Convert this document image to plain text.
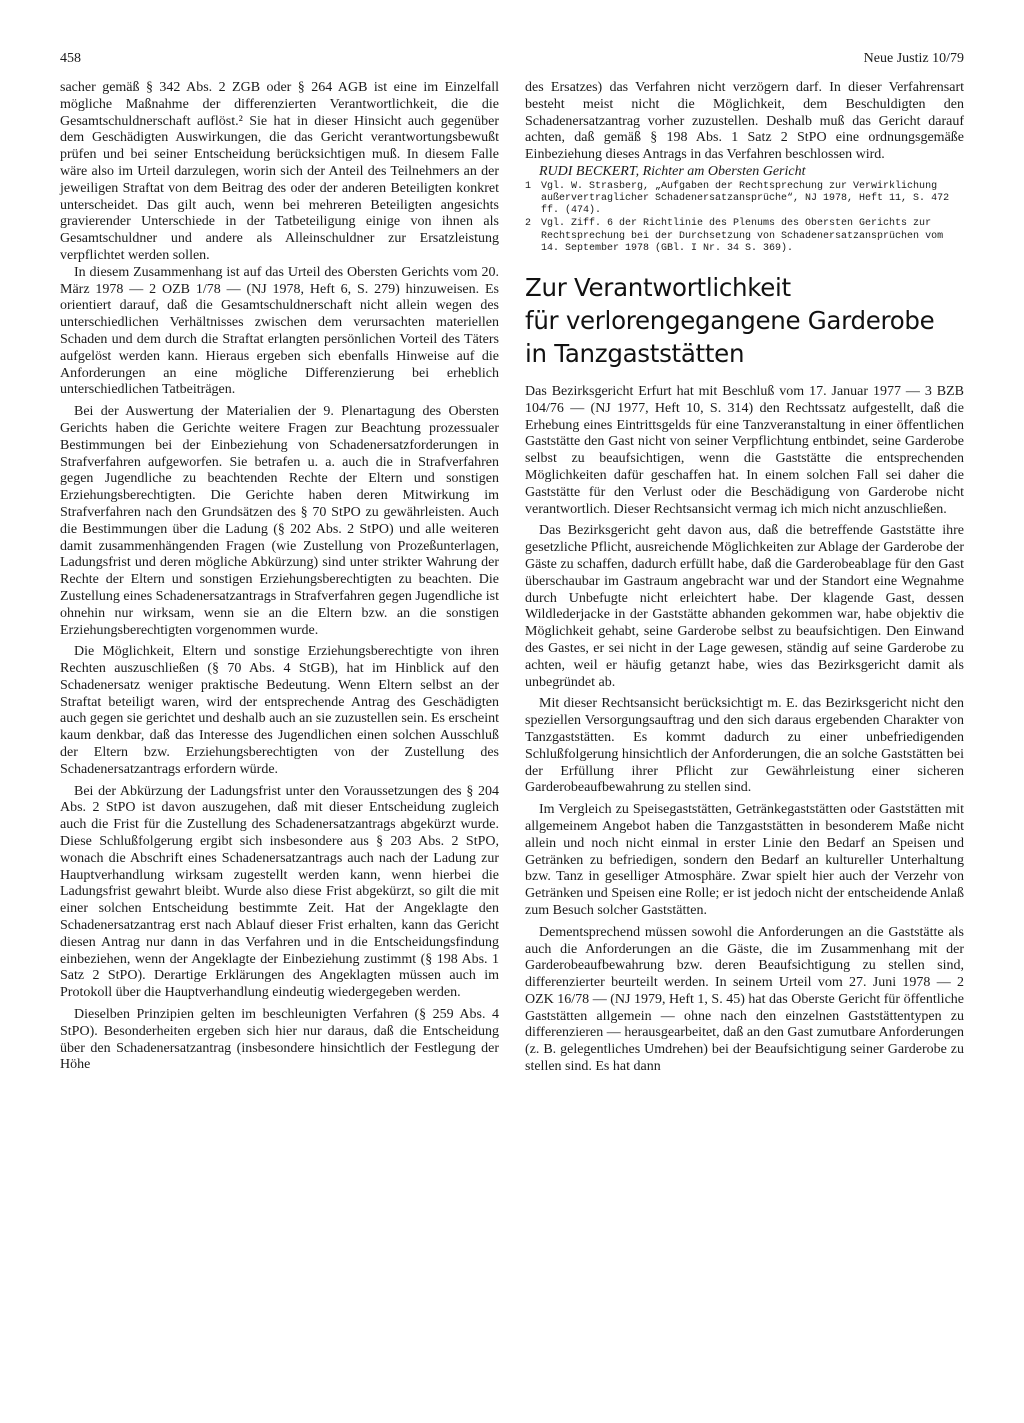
458	Neue Justiz 10/79

sacher gemäß § 342 Abs. 2 ZGB oder § 264 AGB ist eine im Einzelfall mögliche Maßnahme der differenzierten Verantwortlichkeit, die die Gesamtschuldnerschaft auflöst.² Sie hat in dieser Hinsicht auch gegenüber dem Geschädigten Auswirkungen, die das Gericht verantwortungsbewußt prüfen und bei seiner Entscheidung berücksichtigen muß. In diesem Falle wäre also im Urteil darzulegen, worin sich der Anteil des Teilnehmers an der jeweiligen Straftat von dem Beitrag des oder der anderen Beteiligten konkret unterscheidet. Das gilt auch, wenn bei mehreren Beteiligten angesichts gravierender Unterschiede in der Tatbeteiligung einige von ihnen als Gesamtschuldner und andere als Alleinschuldner zur Ersatzleistung verpflichtet werden sollen.

In diesem Zusammenhang ist auf das Urteil des Obersten Gerichts vom 20. März 1978 — 2 OZB 1/78 — (NJ 1978, Heft 6, S. 279) hinzuweisen. Es orientiert darauf, daß die Gesamtschuldnerschaft nicht allein wegen des unterschiedlichen Verhältnisses zwischen dem verursachten materiellen Schaden und dem durch die Straftat erlangten persönlichen Vorteil des Täters aufgelöst werden kann. Hieraus ergeben sich ebenfalls Hinweise auf die Anforderungen an eine mögliche Differenzierung bei erheblich unterschiedlichen Tatbeiträgen.

Bei der Auswertung der Materialien der 9. Plenartagung des Obersten Gerichts haben die Gerichte weitere Fragen zur Beachtung prozessualer Bestimmungen bei der Einbeziehung von Schadenersatzforderungen in Strafverfahren aufgeworfen. Sie betrafen u. a. auch die in Strafverfahren gegen Jugendliche zu beachtenden Rechte der Eltern und sonstigen Erziehungsberechtigten. Die Gerichte haben deren Mitwirkung im Strafverfahren nach den Grundsätzen des § 70 StPO zu gewährleisten. Auch die Bestimmungen über die Ladung (§ 202 Abs. 2 StPO) und alle weiteren damit zusammenhängenden Fragen (wie Zustellung von Prozeßunterlagen, Ladungsfrist und deren mögliche Abkürzung) sind unter strikter Wahrung der Rechte der Eltern und sonstigen Erziehungsberechtigten zu beachten. Die Zustellung eines Schadenersatzantrags in Strafverfahren gegen Jugendliche ist ohnehin nur wirksam, wenn sie an die Eltern bzw. an die sonstigen Erziehungsberechtigten vorgenommen wurde.

Die Möglichkeit, Eltern und sonstige Erziehungsberechtigte von ihren Rechten auszuschließen (§ 70 Abs. 4 StGB), hat im Hinblick auf den Schadenersatz weniger praktische Bedeutung. Wenn Eltern selbst an der Straftat beteiligt waren, wird der entsprechende Antrag des Geschädigten auch gegen sie gerichtet und deshalb auch an sie zuzustellen sein. Es erscheint kaum denkbar, daß das Interesse des Jugendlichen einen solchen Ausschluß der Eltern bzw. Erziehungsberechtigten von der Zustellung des Schadenersatzantrags erfordern würde.

Bei der Abkürzung der Ladungsfrist unter den Voraussetzungen des § 204 Abs. 2 StPO ist davon auszugehen, daß mit dieser Entscheidung zugleich auch die Frist für die Zustellung des Schadenersatzantrags abgekürzt wurde. Diese Schlußfolgerung ergibt sich insbesondere aus § 203 Abs. 2 StPO, wonach die Abschrift eines Schadenersatzantrags auch nach der Ladung zur Hauptverhandlung wirksam zugestellt werden kann, wenn hierbei die Ladungsfrist gewahrt bleibt. Wurde also diese Frist abgekürzt, so gilt die mit einer solchen Entscheidung bestimmte Zeit. Hat der Angeklagte den Schadenersatzantrag erst nach Ablauf dieser Frist erhalten, kann das Gericht diesen Antrag nur dann in das Verfahren und in die Entscheidungsfindung einbeziehen, wenn der Angeklagte der Einbeziehung zustimmt (§ 198 Abs. 1 Satz 2 StPO). Derartige Erklärungen des Angeklagten müssen auch im Protokoll über die Hauptverhandlung eindeutig wiedergegeben werden.

Dieselben Prinzipien gelten im beschleunigten Verfahren (§ 259 Abs. 4 StPO). Besonderheiten ergeben sich hier nur daraus, daß die Entscheidung über den Schadenersatzantrag (insbesondere hinsichtlich der Festlegung der Höhe

des Ersatzes) das Verfahren nicht verzögern darf. In dieser Verfahrensart besteht meist nicht die Möglichkeit, dem Beschuldigten den Schadenersatzantrag vorher zuzustellen. Deshalb muß das Gericht darauf achten, daß gemäß § 198 Abs. 1 Satz 2 StPO eine ordnungsgemäße Einbeziehung dieses Antrags in das Verfahren beschlossen wird.

RUDI BECKERT, Richter am Obersten Gericht

1 Vgl. W. Strasberg, „Aufgaben der Rechtsprechung zur Verwirklichung außervertraglicher Schadenersatzansprüche“, NJ 1978, Heft 11, S. 472 ff. (474).
2 Vgl. Ziff. 6 der Richtlinie des Plenums des Obersten Gerichts zur Rechtsprechung bei der Durchsetzung von Schadenersatzansprüchen vom 14. September 1978 (GBl. I Nr. 34 S. 369).
Zur Verantwortlichkeit
für verlorengegangene Garderobe
in Tanzgaststätten

Das Bezirksgericht Erfurt hat mit Beschluß vom 17. Januar 1977 — 3 BZB 104/76 — (NJ 1977, Heft 10, S. 314) den Rechtssatz aufgestellt, daß die Erhebung eines Eintrittsgelds für eine Tanzveranstaltung in einer öffentlichen Gaststätte den Gast nicht von seiner Verpflichtung entbindet, seine Garderobe selbst zu beaufsichtigen, wenn die Gaststätte die entsprechenden Möglichkeiten dafür geschaffen hat. In einem solchen Fall sei daher die Gaststätte für den Verlust oder die Beschädigung von Garderobe nicht verantwortlich. Dieser Rechtsansicht vermag ich mich nicht anzuschließen.

Das Bezirksgericht geht davon aus, daß die betreffende Gaststätte ihre gesetzliche Pflicht, ausreichende Möglichkeiten zur Ablage der Garderobe der Gäste zu schaffen, dadurch erfüllt habe, daß die Garderobeablage für den Gast überschaubar im Gastraum angebracht war und der Standort eine Wegnahme durch Unbefugte nicht erleichtert habe. Der klagende Gast, dessen Wildlederjacke in der Gaststätte abhanden gekommen war, habe objektiv die Möglichkeit gehabt, seine Garderobe selbst zu beaufsichtigen. Den Einwand des Gastes, er sei nicht in der Lage gewesen, ständig auf seine Garderobe zu achten, weil er häufig getanzt habe, wies das Bezirksgericht damit als unbegründet ab.

Mit dieser Rechtsansicht berücksichtigt m. E. das Bezirksgericht nicht den speziellen Versorgungsauftrag und den sich daraus ergebenden Charakter von Tanzgaststätten. Es kommt dadurch zu einer unbefriedigenden Schlußfolgerung hinsichtlich der Anforderungen, die an solche Gaststätten bei der Erfüllung ihrer Pflicht zur Gewährleistung einer sicheren Garderobeaufbewahrung zu stellen sind.

Im Vergleich zu Speisegaststätten, Getränkegaststätten oder Gaststätten mit allgemeinem Angebot haben die Tanzgaststätten in besonderem Maße nicht allein und noch nicht einmal in erster Linie den Bedarf an Speisen und Getränken zu befriedigen, sondern den Bedarf an kultureller Unterhaltung bzw. Tanz in geselliger Atmosphäre. Zwar spielt hier auch der Verzehr von Getränken und Speisen eine Rolle; er ist jedoch nicht der entscheidende Anlaß zum Besuch solcher Gaststätten.

Dementsprechend müssen sowohl die Anforderungen an die Gaststätte als auch die Anforderungen an die Gäste, die im Zusammenhang mit der Garderobeaufbewahrung bzw. deren Beaufsichtigung zu stellen sind, differenzierter beurteilt werden. In seinem Urteil vom 27. Juni 1978 — 2 OZK 16/78 — (NJ 1979, Heft 1, S. 45) hat das Oberste Gericht für öffentliche Gaststätten allgemein — ohne nach den einzelnen Gaststättentypen zu differenzieren — herausgearbeitet, daß an den Gast zumutbare Anforderungen (z. B. gelegentliches Umdrehen) bei der Beaufsichtigung seiner Garderobe zu stellen sind. Es hat dann
